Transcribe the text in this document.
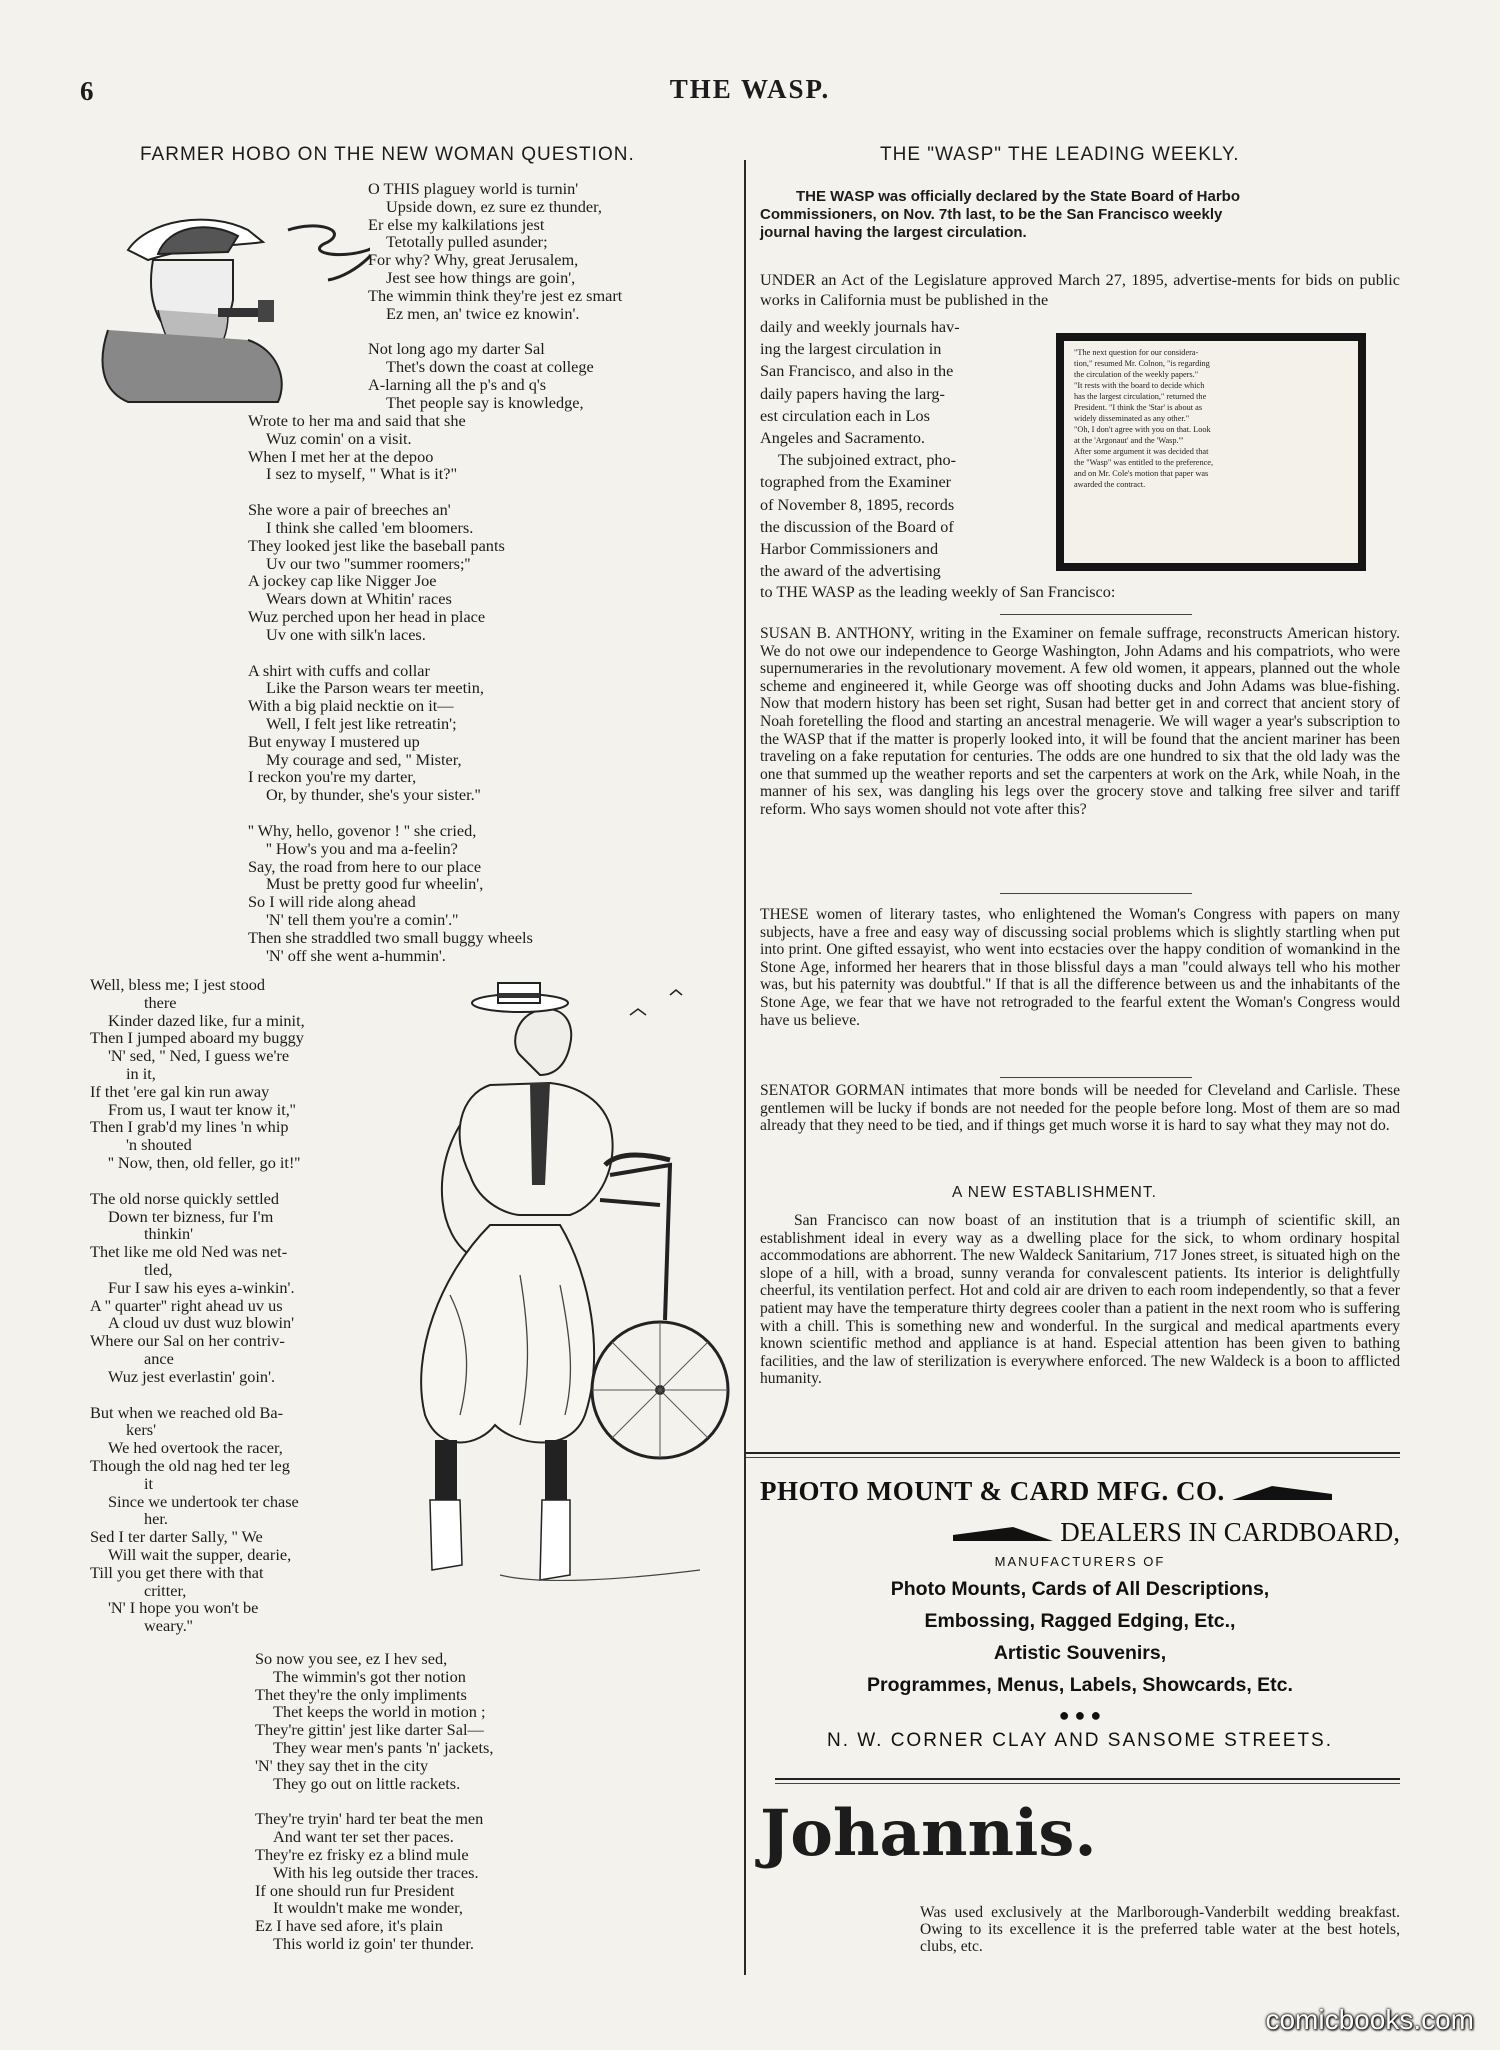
6	THE WASP.
FARMER HOBO ON THE NEW WOMAN QUESTION.
O THIS plaguey world is turnin'
Upside down, ez sure ez thunder,
Er else my kalkilations jest
Tetotally pulled asunder;
For why? Why, great Jerusalem,
Jest see how things are goin',
The wimmin think they're jest ez smart
Ez men, an' twice ez knowin'.
Not long ago my darter Sal
Thet's down the coast at college
A-larning all the p's and q's
Thet people say is knowledge,
Wrote to her ma and said that she
Wuz comin' on a visit.
When I met her at the depoo
I sez to myself, " What is it?"
She wore a pair of breeches an'
I think she called 'em bloomers.
They looked jest like the baseball pants
Uv our two ''summer roomers;''
A jockey cap like Nigger Joe
Wears down at Whitin' races
Wuz perched upon her head in place
Uv one with silk'n laces.
A shirt with cuffs and collar
Like the Parson wears ter meetin,
With a big plaid necktie on it—
Well, I felt jest like retreatin';
But enyway I mustered up
My courage and sed, '' Mister,
I reckon you're my darter,
Or, by thunder, she's your sister.''
'' Why, hello, govenor ! '' she cried,
'' How's you and ma a-feelin?
Say, the road from here to our place
Must be pretty good fur wheelin',
So I will ride along ahead
'N' tell them you're a comin'.''
Then she straddled two small buggy wheels
'N' off she went a-hummin'.
Well, bless me; I jest stood
there
Kinder dazed like, fur a minit,
Then I jumped aboard my buggy
'N' sed, '' Ned, I guess we're
in it,
If thet 'ere gal kin run away
From us, I waut ter know it,''
Then I grab'd my lines 'n whip
'n shouted
'' Now, then, old feller, go it!''
The old norse quickly settled
Down ter bizness, fur I'm
thinkin'
Thet like me old Ned was net-
tled,
Fur I saw his eyes a-winkin'.
A '' quarter'' right ahead uv us
A cloud uv dust wuz blowin'
Where our Sal on her contriv-
ance
Wuz jest everlastin' goin'.
But when we reached old Ba-
kers'
We hed overtook the racer,
Though the old nag hed ter leg
it
Since we undertook ter chase
her.
Sed I ter darter Sally, '' We
Will wait the supper, dearie,
Till you get there with that
critter,
'N' I hope you won't be
weary.''
So now you see, ez I hev sed,
The wimmin's got ther notion
Thet they're the only impliments
Thet keeps the world in motion ;
They're gittin' jest like darter Sal—
They wear men's pants 'n' jackets,
'N' they say thet in the city
They go out on little rackets.
They're tryin' hard ter beat the men
And want ter set ther paces.
They're ez frisky ez a blind mule
With his leg outside ther traces.
If one should run fur President
It wouldn't make me wonder,
Ez I have sed afore, it's plain
This world iz goin' ter thunder.
THE "WASP" THE LEADING WEEKLY.
THE WASP was officially declared by the State Board of Harbo
Commissioners, on Nov. 7th last, to be the San Francisco weekly
journal having the largest circulation.
UNDER an Act of the Legislature approved March 27, 1895, advertise-ments for bids on public works in California must be published in the
daily and weekly journals hav-
ing the largest circulation in
San Francisco, and also in the
daily papers having the larg-
est circulation each in Los
Angeles and Sacramento.
The subjoined extract, pho-
tographed from the Examiner
of November 8, 1895, records
the discussion of the Board of
Harbor Commissioners and
the award of the advertising
"The next question for our considera-
tion," resumed Mr. Colnon, "is regarding
the circulation of the weekly papers."
"It rests with the board to decide which
has the largest circulation," returned the
President. "I think the 'Star' is about as
widely disseminated as any other."
"Oh, I don't agree with you on that. Look
at the 'Argonaut' and the 'Wasp.'"
After some argument it was decided that
the "Wasp" was entitled to the preference,
and on Mr. Cole's motion that paper was
awarded the contract.
to THE WASP as the leading weekly of San Francisco:
SUSAN B. ANTHONY, writing in the Examiner on female suffrage, reconstructs American history. We do not owe our independence to George Washington, John Adams and his compatriots, who were supernumeraries in the revolutionary movement. A few old women, it appears, planned out the whole scheme and engineered it, while George was off shooting ducks and John Adams was blue-fishing. Now that modern history has been set right, Susan had better get in and correct that ancient story of Noah foretelling the flood and starting an ancestral menagerie. We will wager a year's subscription to the WASP that if the matter is properly looked into, it will be found that the ancient mariner has been traveling on a fake reputation for centuries. The odds are one hundred to six that the old lady was the one that summed up the weather reports and set the carpenters at work on the Ark, while Noah, in the manner of his sex, was dangling his legs over the grocery stove and talking free silver and tariff reform. Who says women should not vote after this?
THESE women of literary tastes, who enlightened the Woman's Congress with papers on many subjects, have a free and easy way of discussing social problems which is slightly startling when put into print. One gifted essayist, who went into ecstacies over the happy condition of womankind in the Stone Age, informed her hearers that in those blissful days a man ''could always tell who his mother was, but his paternity was doubtful.'' If that is all the difference between us and the inhabitants of the Stone Age, we fear that we have not retrograded to the fearful extent the Woman's Congress would have us believe.
SENATOR GORMAN intimates that more bonds will be needed for Cleveland and Carlisle. These gentlemen will be lucky if bonds are not needed for the people before long. Most of them are so mad already that they need to be tied, and if things get much worse it is hard to say what they may not do.
A NEW ESTABLISHMENT.
San Francisco can now boast of an institution that is a triumph of scientific skill, an establishment ideal in every way as a dwelling place for the sick, to whom ordinary hospital accommodations are abhorrent. The new Waldeck Sanitarium, 717 Jones street, is situated high on the slope of a hill, with a broad, sunny veranda for convalescent patients. Its interior is delightfully cheerful, its ventilation perfect. Hot and cold air are driven to each room independently, so that a fever patient may have the temperature thirty degrees cooler than a patient in the next room who is suffering with a chill. This is something new and wonderful. In the surgical and medical apartments every known scientific method and appliance is at hand. Especial attention has been given to bathing facilities, and the law of sterilization is everywhere enforced. The new Waldeck is a boon to afflicted humanity.
PHOTO MOUNT & CARD MFG. CO.
DEALERS IN CARDBOARD,
MANUFACTURERS OF
Photo Mounts, Cards of All Descriptions,
Embossing, Ragged Edging, Etc.,
Artistic Souvenirs,
Programmes, Menus, Labels, Showcards, Etc.
● ● ●
N. W. CORNER CLAY AND SANSOME STREETS.
Johannis.
Was used exclusively at the Marlborough-Vanderbilt wedding breakfast. Owing to its excellence it is the preferred table water at the best hotels, clubs, etc.
comicbooks.com
